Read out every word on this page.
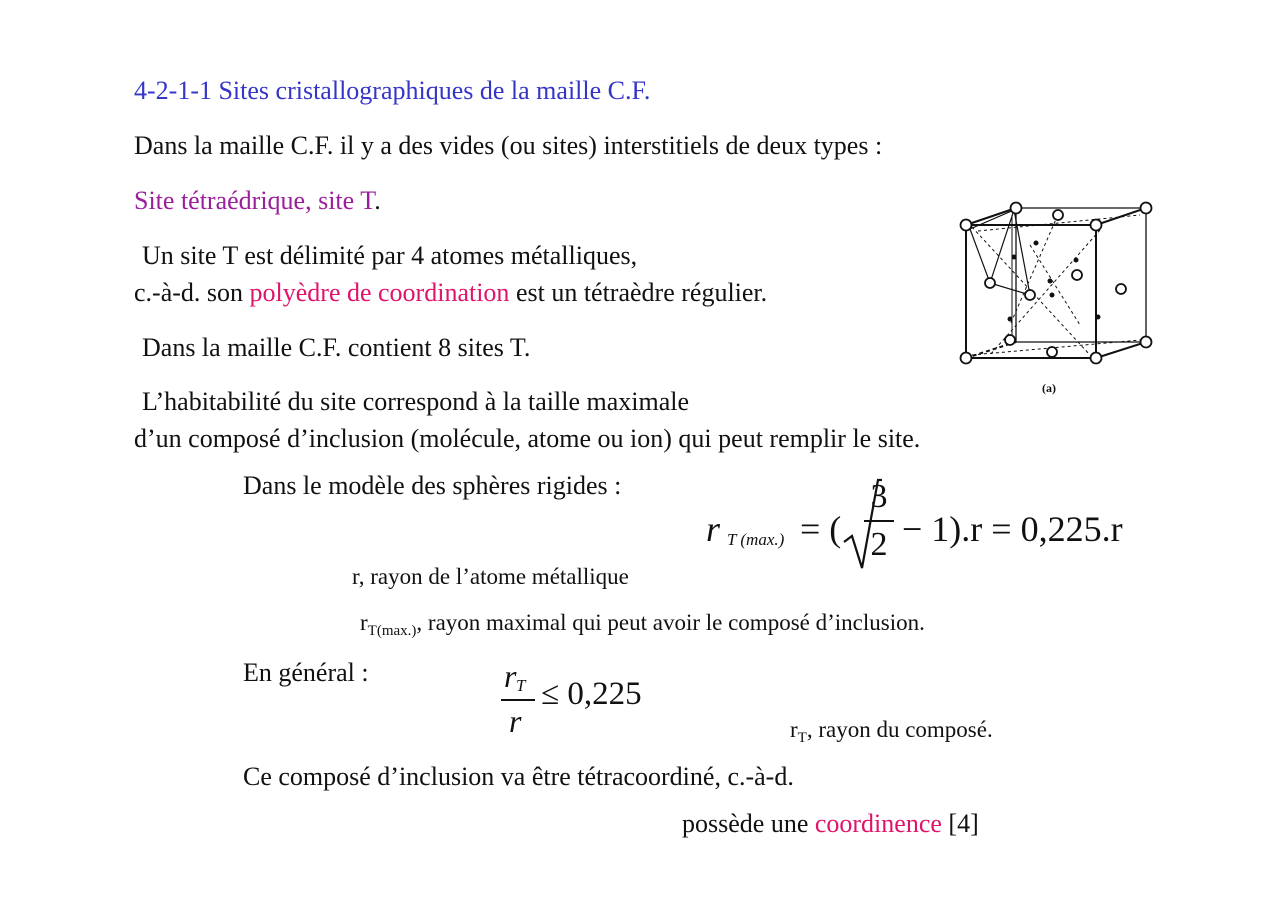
4-2-1-1 Sites cristallographiques de la maille C.F.
Dans la maille C.F. il y a des vides (ou sites) interstitiels de deux types :
Site tétraédrique, site T.
Un site T est délimité par 4 atomes métalliques,
c.-à-d. son polyèdre de coordination est un tétraèdre régulier.
Dans la maille C.F. contient 8 sites T.
L’habitabilité du site correspond à la taille maximale
d’un composé d’inclusion (molécule, atome ou ion) qui peut remplir le site.
Dans le modèle des sphères rigides :
r T (max.) = (
3
2 − 1).r = 0,225.r
r, rayon de l’atome métallique
$r_{T(max.)}$, rayon maximal qui peut avoir le composé d’inclusion.
En général :	r T
r
≤ 0,225
$r_T$, rayon du composé.
Ce composé d’inclusion va être tétracoordiné, c.-à-d.
possède une coordinence [4]
(a)
